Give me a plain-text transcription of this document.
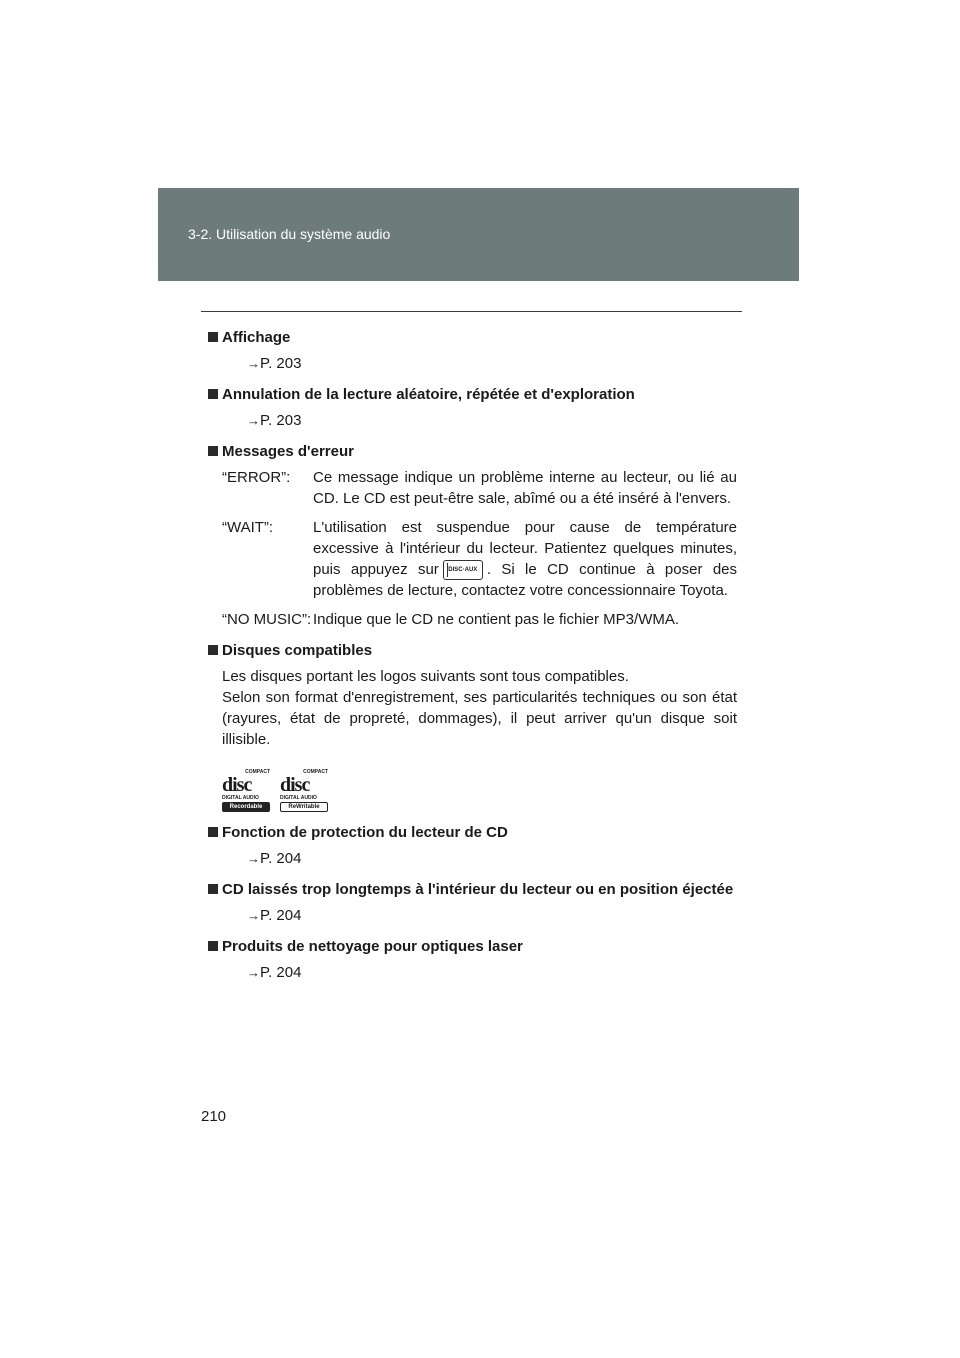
3-2. Utilisation du système audio
Affichage
→P. 203
Annulation de la lecture aléatoire, répétée et d'exploration
→P. 203
Messages d'erreur
“ERROR”:	Ce message indique un problème interne au lecteur, ou lié au CD. Le CD est peut-être sale, abîmé ou a été inséré à l'envers.
“WAIT”:	L'utilisation est suspendue pour cause de température excessive à l'intérieur du lecteur. Patientez quelques minutes, puis appuyez sur DISC·AUX . Si le CD continue à poser des problèmes de lecture, contactez votre concessionnaire Toyota.
“NO MUSIC”: Indique que le CD ne contient pas le fichier MP3/WMA.
Disques compatibles
Les disques portant les logos suivants sont tous compatibles.
Selon son format d'enregistrement, ses particularités techniques ou son état (rayures, état de propreté, dommages), il peut arriver qu'un disque soit illisible.
COMPACT
disc
DIGITAL AUDIO
Recordable
COMPACT
disc
DIGITAL AUDIO
ReWritable
Fonction de protection du lecteur de CD
→P. 204
CD laissés trop longtemps à l'intérieur du lecteur ou en position éjectée
→P. 204
Produits de nettoyage pour optiques laser
→P. 204
210
